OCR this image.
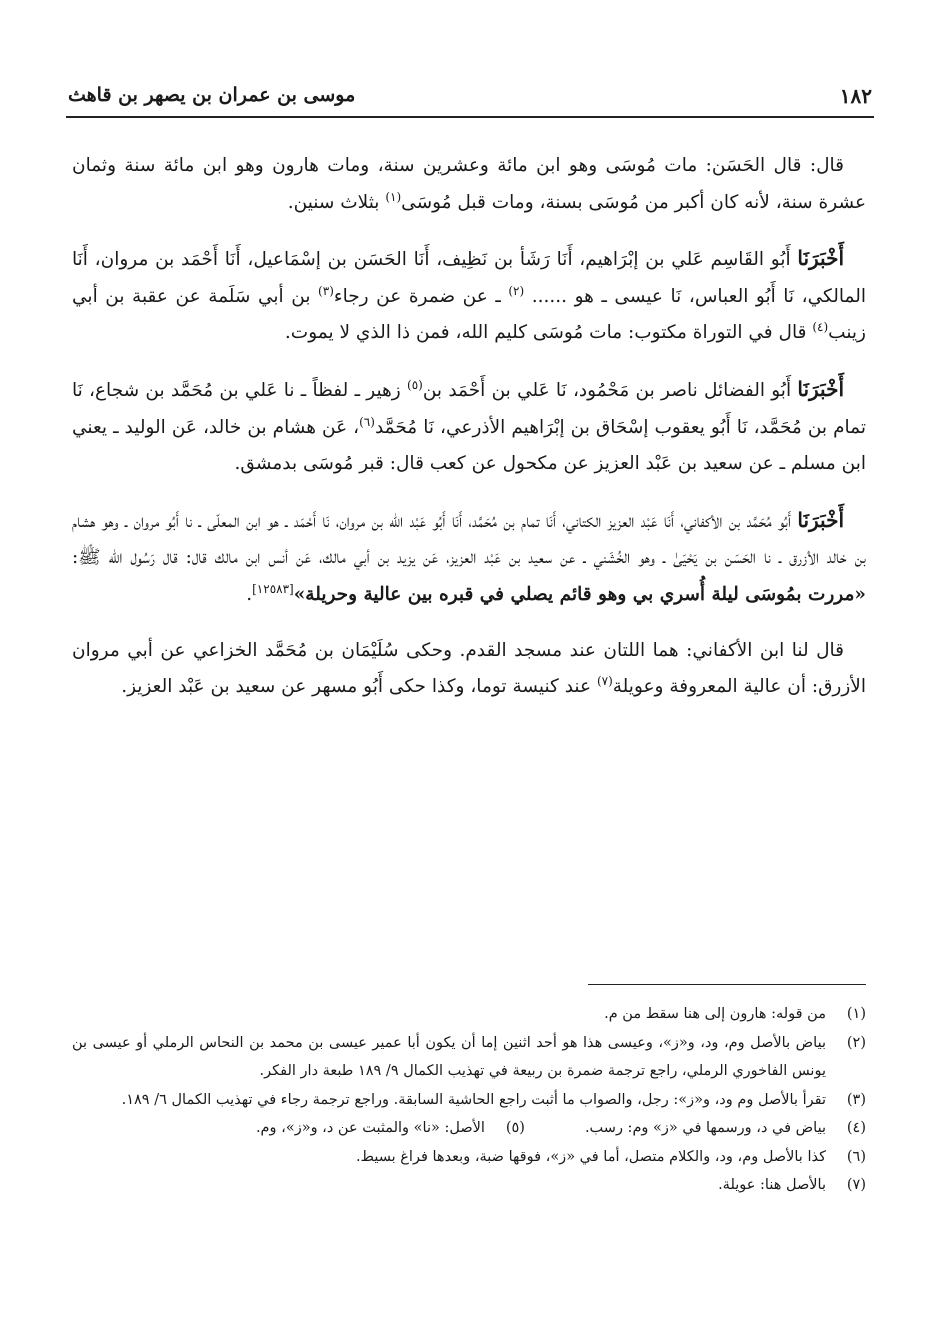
١٨٢
موسى بن عمران بن يصهر بن قاهث

قال: قال الحَسَن: مات مُوسَى وهو ابن مائة وعشرين سنة، ومات هارون وهو ابن مائة سنة وثمان عشرة سنة، لأنه كان أكبر من مُوسَى بسنة، ومات قبل مُوسَى$^{(١)}$ بثلاث سنين.

أَخْبَرَنَا أَبُو القَاسِم عَلي بن إبْرَاهيم، أَنَا رَشَأ بن نَظِيف، أَنَا الحَسَن بن إسْمَاعيل، أَنَا أَحْمَد بن مروان، أَنَا المالكي، نَا أَبُو العباس، نَا عيسى ـ هو ...... $^{(٢)}$ ـ عن ضمرة عن رجاء$^{(٣)}$ بن أبي سَلَمة عن عقبة بن أبي زينب$^{(٤)}$ قال في التوراة مكتوب: مات مُوسَى كليم الله، فمن ذا الذي لا يموت.

أَخْبَرَنَا أَبُو الفضائل ناصر بن مَحْمُود، نَا عَلي بن أَحْمَد بن$^{(٥)}$ زهير ـ لفظاً ـ نا عَلي بن مُحَمَّد بن شجاع، نَا تمام بن مُحَمَّد، نَا أَبُو يعقوب إسْحَاق بن إبْرَاهيم الأذرعي، نَا مُحَمَّد$^{(٦)}$، عَن هشام بن خالد، عَن الوليد ـ يعني ابن مسلم ـ عن سعيد بن عَبْد العزيز عن مكحول عن كعب قال: قبر مُوسَى بدمشق.

أَخْبَرَنَا أَبُو مُحَمَّد بن الأكفاني، أَنَا عَبْد العزيز الكتاني، أَنَا تمام بن مُحَمَّد، أَنَا أَبُو عَبْد الله بن مروان، نَا أَحْمَد ـ هو ابن المعلّى ـ نا أَبُو مروان ـ وهو هشام بن خالد الأزرق ـ نا الحَسَن بن يَحْيَىٰ ـ وهو الخُشَني ـ عن سعيد بن عَبْد العزيز، عَن يزيد بن أبي مالك، عَن أنس ابن مالك قال: قال رَسُول الله ﷺ: «مررت بمُوسَى ليلة أُسري بي وهو قائم يصلي في قبره بين عالية وحريلة»[١٢٥٨٣].

قال لنا ابن الأكفاني: هما اللتان عند مسجد القدم. وحكى سُلَيْمَان بن مُحَمَّد الخزاعي عن أبي مروان الأزرق: أن عالية المعروفة وعويلة$^{(٧)}$ عند كنيسة توما، وكذا حكى أَبُو مسهر عن سعيد بن عَبْد العزيز.

(١)
من قوله: هارون إلى هنا سقط من م.
(٢)
بياض بالأصل وم، ود، و«ز»، وعيسى هذا هو أحد اثنين إما أن يكون أبا عمير عيسى بن محمد بن النحاس الرملي أو عيسى بن يونس الفاخوري الرملي، راجع ترجمة ضمرة بن ربيعة في تهذيب الكمال ٩/ ١٨٩ طبعة دار الفكر.
(٣)
تقرأ بالأصل وم ود، و«ز»: رجل، والصواب ما أثبت راجع الحاشية السابقة. وراجع ترجمة رجاء في تهذيب الكمال ٦/ ١٨٩.
(٤)
بياض في د، ورسمها في «ز» وم: رسب.
(٥)
الأصل: «نا» والمثبت عن د، و«ز»، وم.
(٦)
كذا بالأصل وم، ود، والكلام متصل، أما في «ز»، فوقها ضبة، وبعدها فراغ بسيط.
(٧)
بالأصل هنا: عويلة.
